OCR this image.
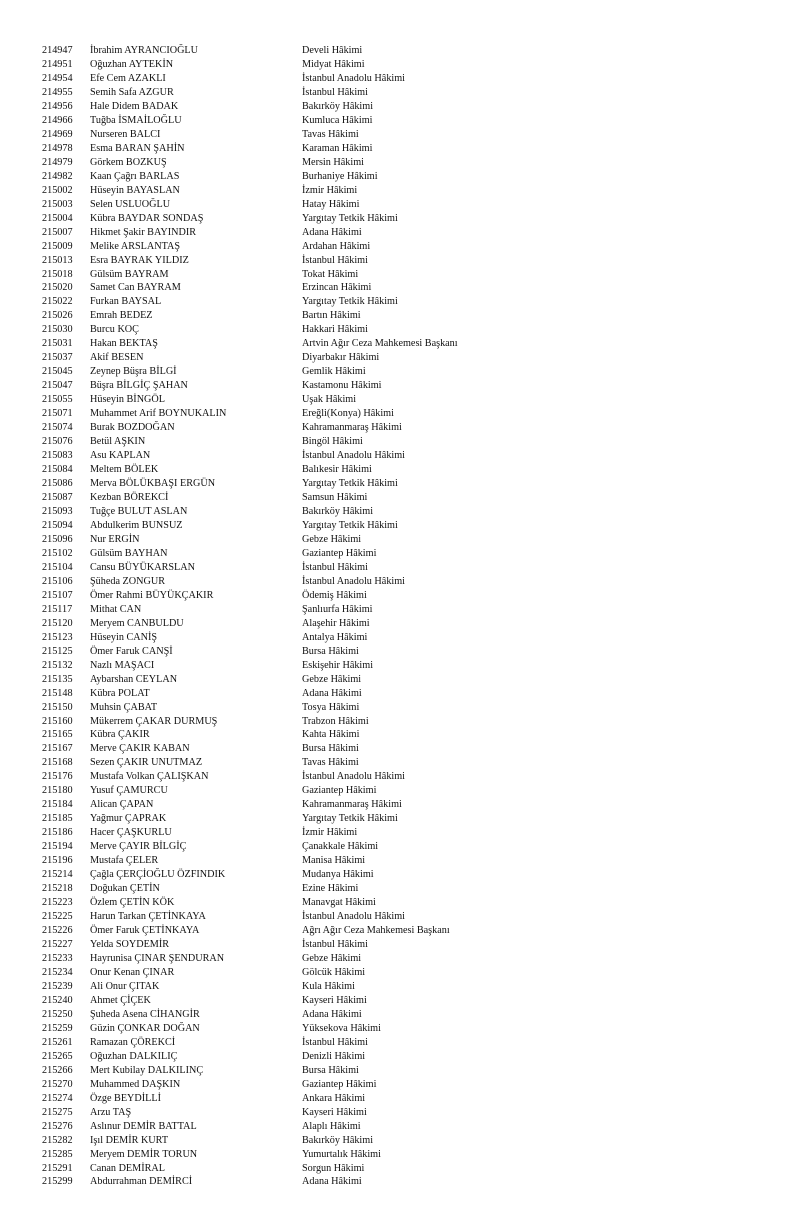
214947	İbrahim AYRANCIOĞLU	Develi Hâkimi
214951	Oğuzhan AYTEKİN	Midyat Hâkimi
214954	Efe Cem AZAKLI	İstanbul Anadolu Hâkimi
214955	Semih Safa AZGUR	İstanbul Hâkimi
214956	Hale Didem BADAK	Bakırköy Hâkimi
214966	Tuğba İSMAİLOĞLU	Kumluca Hâkimi
214969	Nurseren BALCI	Tavas Hâkimi
214978	Esma BARAN ŞAHİN	Karaman Hâkimi
214979	Görkem BOZKUŞ	Mersin Hâkimi
214982	Kaan Çağrı BARLAS	Burhaniye Hâkimi
215002	Hüseyin BAYASLAN	İzmir Hâkimi
215003	Selen USLUOĞLU	Hatay Hâkimi
215004	Kübra BAYDAR SONDAŞ	Yargıtay Tetkik Hâkimi
215007	Hikmet Şakir BAYINDIR	Adana Hâkimi
215009	Melike ARSLANTAŞ	Ardahan Hâkimi
215013	Esra BAYRAK YILDIZ	İstanbul Hâkimi
215018	Gülsüm BAYRAM	Tokat Hâkimi
215020	Samet Can BAYRAM	Erzincan Hâkimi
215022	Furkan BAYSAL	Yargıtay Tetkik Hâkimi
215026	Emrah BEDEZ	Bartın Hâkimi
215030	Burcu KOÇ	Hakkari Hâkimi
215031	Hakan BEKTAŞ	Artvin Ağır Ceza Mahkemesi Başkanı
215037	Akif BESEN	Diyarbakır Hâkimi
215045	Zeynep Büşra BİLGİ	Gemlik Hâkimi
215047	Büşra BİLGİÇ ŞAHAN	Kastamonu Hâkimi
215055	Hüseyin BİNGÖL	Uşak Hâkimi
215071	Muhammet Arif BOYNUKALIN	Ereğli(Konya) Hâkimi
215074	Burak BOZDOĞAN	Kahramanmaraş Hâkimi
215076	Betül AŞKIN	Bingöl Hâkimi
215083	Asu KAPLAN	İstanbul Anadolu Hâkimi
215084	Meltem BÖLEK	Balıkesir Hâkimi
215086	Merva BÖLÜKBAŞI ERGÜN	Yargıtay Tetkik Hâkimi
215087	Kezban BÖREKCİ	Samsun Hâkimi
215093	Tuğçe BULUT ASLAN	Bakırköy Hâkimi
215094	Abdulkerim BUNSUZ	Yargıtay Tetkik Hâkimi
215096	Nur ERGİN	Gebze Hâkimi
215102	Gülsüm BAYHAN	Gaziantep Hâkimi
215104	Cansu BÜYÜKARSLAN	İstanbul Hâkimi
215106	Şüheda ZONGUR	İstanbul Anadolu Hâkimi
215107	Ömer Rahmi BÜYÜKÇAKIR	Ödemiş Hâkimi
215117	Mithat CAN	Şanlıurfa Hâkimi
215120	Meryem CANBULDU	Alaşehir Hâkimi
215123	Hüseyin CANİŞ	Antalya Hâkimi
215125	Ömer Faruk CANŞİ	Bursa Hâkimi
215132	Nazlı MAŞACI	Eskişehir Hâkimi
215135	Aybarshan CEYLAN	Gebze Hâkimi
215148	Kübra POLAT	Adana Hâkimi
215150	Muhsin ÇABAT	Tosya Hâkimi
215160	Mükerrem ÇAKAR DURMUŞ	Trabzon Hâkimi
215165	Kübra ÇAKIR	Kahta Hâkimi
215167	Merve ÇAKIR KABAN	Bursa Hâkimi
215168	Sezen ÇAKIR UNUTMAZ	Tavas Hâkimi
215176	Mustafa Volkan ÇALIŞKAN	İstanbul Anadolu Hâkimi
215180	Yusuf ÇAMURCU	Gaziantep Hâkimi
215184	Alican ÇAPAN	Kahramanmaraş Hâkimi
215185	Yağmur ÇAPRAK	Yargıtay Tetkik Hâkimi
215186	Hacer ÇAŞKURLU	İzmir Hâkimi
215194	Merve ÇAYIR BİLGİÇ	Çanakkale Hâkimi
215196	Mustafa ÇELER	Manisa Hâkimi
215214	Çağla ÇERÇİOĞLU ÖZFINDIK	Mudanya Hâkimi
215218	Doğukan ÇETİN	Ezine Hâkimi
215223	Özlem ÇETİN KÖK	Manavgat Hâkimi
215225	Harun Tarkan ÇETİNKAYA	İstanbul Anadolu Hâkimi
215226	Ömer Faruk ÇETİNKAYA	Ağrı Ağır Ceza Mahkemesi Başkanı
215227	Yelda SOYDEMİR	İstanbul Hâkimi
215233	Hayrunisa ÇINAR ŞENDURAN	Gebze Hâkimi
215234	Onur Kenan ÇINAR	Gölcük Hâkimi
215239	Ali Onur ÇITAK	Kula Hâkimi
215240	Ahmet ÇİÇEK	Kayseri Hâkimi
215250	Şuheda Asena CİHANGİR	Adana Hâkimi
215259	Güzin ÇONKAR DOĞAN	Yüksekova Hâkimi
215261	Ramazan ÇÖREKCİ	İstanbul Hâkimi
215265	Oğuzhan DALKILIÇ	Denizli Hâkimi
215266	Mert Kubilay DALKILINÇ	Bursa Hâkimi
215270	Muhammed DAŞKIN	Gaziantep Hâkimi
215274	Özge BEYDİLLİ	Ankara Hâkimi
215275	Arzu TAŞ	Kayseri Hâkimi
215276	Aslınur DEMİR BATTAL	Alaplı Hâkimi
215282	Işıl DEMİR KURT	Bakırköy Hâkimi
215285	Meryem DEMİR TORUN	Yumurtalık Hâkimi
215291	Canan DEMİRAL	Sorgun Hâkimi
215299	Abdurrahman DEMİRCİ	Adana Hâkimi
